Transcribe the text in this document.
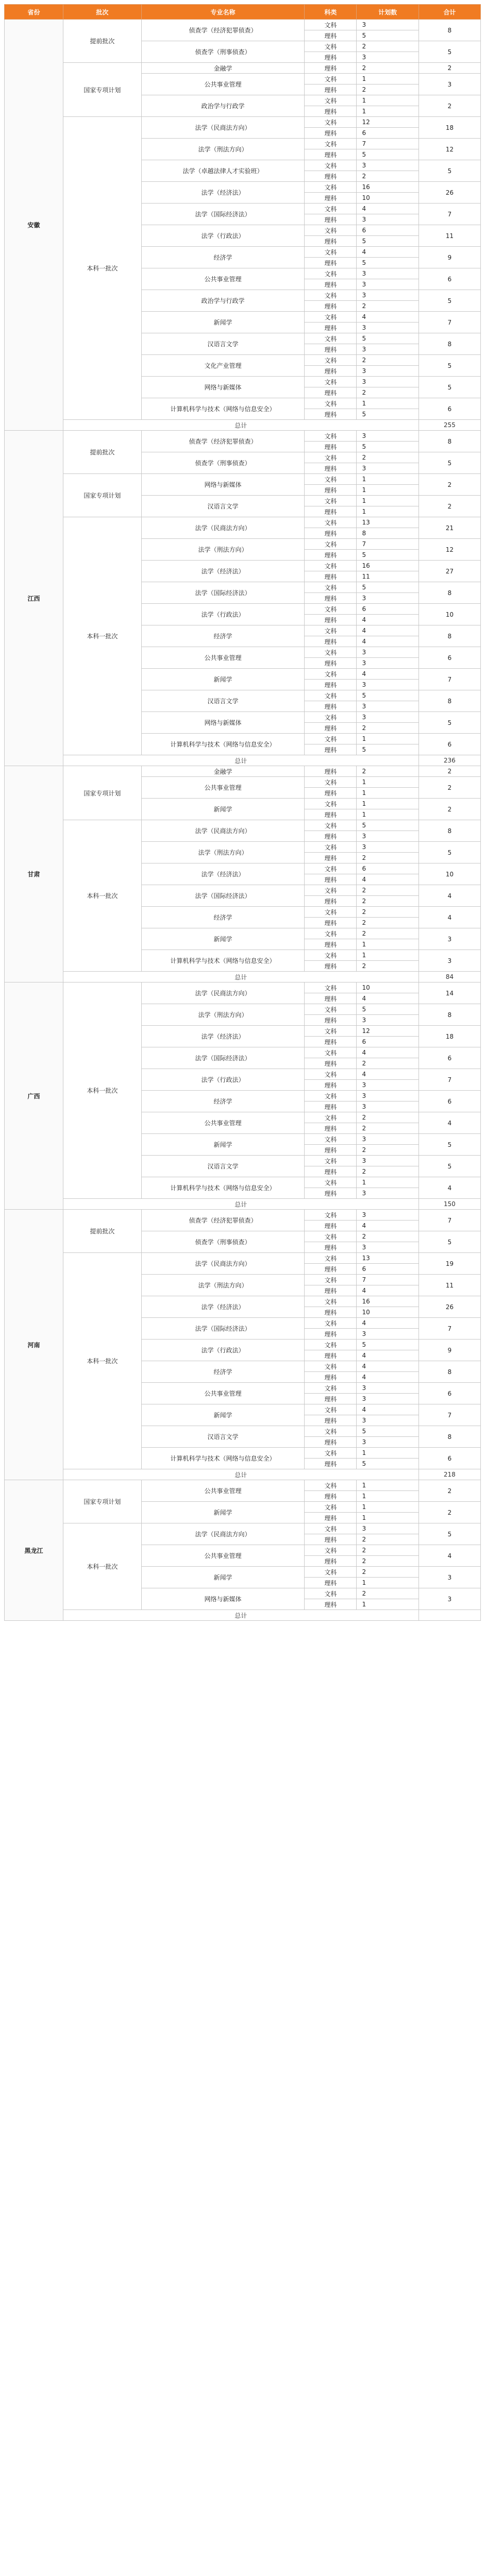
省份	批次	专业名称	科类	计划数	合计
安徽	提前批次	侦查学（经济犯罪侦查）	文科	3	8
			理科	5	
		侦查学（刑事侦查）	文科	2	5
			理科	3	
	国家专项计划	金融学	理科	2	2
		公共事业管理	文科	1	3
			理科	2	
		政治学与行政学	文科	1	2
			理科	1	
	本科一批次	法学（民商法方向）	文科	12	18
			理科	6	
		法学（刑法方向）	文科	7	12
			理科	5	
		法学（卓越法律人才实验班）	文科	3	5
			理科	2	
		法学（经济法）	文科	16	26
			理科	10	
		法学（国际经济法）	文科	4	7
			理科	3	
		法学（行政法）	文科	6	11
			理科	5	
		经济学	文科	4	9
			理科	5	
		公共事业管理	文科	3	6
			理科	3	
		政治学与行政学	文科	3	5
			理科	2	
		新闻学	文科	4	7
			理科	3	
		汉语言文学	文科	5	8
			理科	3	
		文化产业管理	文科	2	5
			理科	3	
		网络与新媒体	文科	3	5
			理科	2	
		计算机科学与技术（网络与信息安全）	文科	1	6
			理科	5	
	总计				255
江西	提前批次	侦查学（经济犯罪侦查）	文科	3	8
			理科	5	
		侦查学（刑事侦查）	文科	2	5
			理科	3	
	国家专项计划	网络与新媒体	文科	1	2
			理科	1	
		汉语言文学	文科	1	2
			理科	1	
	本科一批次	法学（民商法方向）	文科	13	21
			理科	8	
		法学（刑法方向）	文科	7	12
			理科	5	
		法学（经济法）	文科	16	27
			理科	11	
		法学（国际经济法）	文科	5	8
			理科	3	
		法学（行政法）	文科	6	10
			理科	4	
		经济学	文科	4	8
			理科	4	
		公共事业管理	文科	3	6
			理科	3	
		新闻学	文科	4	7
			理科	3	
		汉语言文学	文科	5	8
			理科	3	
		网络与新媒体	文科	3	5
			理科	2	
		计算机科学与技术（网络与信息安全）	文科	1	6
			理科	5	
	总计				236
甘肃	国家专项计划	金融学	理科	2	2
		公共事业管理	文科	1	2
			理科	1	
		新闻学	文科	1	2
			理科	1	
	本科一批次	法学（民商法方向）	文科	5	8
			理科	3	
		法学（刑法方向）	文科	3	5
			理科	2	
		法学（经济法）	文科	6	10
			理科	4	
		法学（国际经济法）	文科	2	4
			理科	2	
		经济学	文科	2	4
			理科	2	
		新闻学	文科	2	3
			理科	1	
		计算机科学与技术（网络与信息安全）	文科	1	3
			理科	2	
	总计				84
广西	本科一批次	法学（民商法方向）	文科	10	14
			理科	4	
		法学（刑法方向）	文科	5	8
			理科	3	
		法学（经济法）	文科	12	18
			理科	6	
		法学（国际经济法）	文科	4	6
			理科	2	
		法学（行政法）	文科	4	7
			理科	3	
		经济学	文科	3	6
			理科	3	
		公共事业管理	文科	2	4
			理科	2	
		新闻学	文科	3	5
			理科	2	
		汉语言文学	文科	3	5
			理科	2	
		计算机科学与技术（网络与信息安全）	文科	1	4
			理科	3	
	总计				150
河南	提前批次	侦查学（经济犯罪侦查）	文科	3	7
			理科	4	
		侦查学（刑事侦查）	文科	2	5
			理科	3	
	本科一批次	法学（民商法方向）	文科	13	19
			理科	6	
		法学（刑法方向）	文科	7	11
			理科	4	
		法学（经济法）	文科	16	26
			理科	10	
		法学（国际经济法）	文科	4	7
			理科	3	
		法学（行政法）	文科	5	9
			理科	4	
		经济学	文科	4	8
			理科	4	
		公共事业管理	文科	3	6
			理科	3	
		新闻学	文科	4	7
			理科	3	
		汉语言文学	文科	5	8
			理科	3	
		计算机科学与技术（网络与信息安全）	文科	1	6
			理科	5	
	总计				218
黑龙江	国家专项计划	公共事业管理	文科	1	2
			理科	1	
		新闻学	文科	1	2
			理科	1	
	本科一批次	法学（民商法方向）	文科	3	5
			理科	2	
		公共事业管理	文科	2	4
			理科	2	
		新闻学	文科	2	3
			理科	1	
		网络与新媒体	文科	2	3
			理科	1	
	总计				
